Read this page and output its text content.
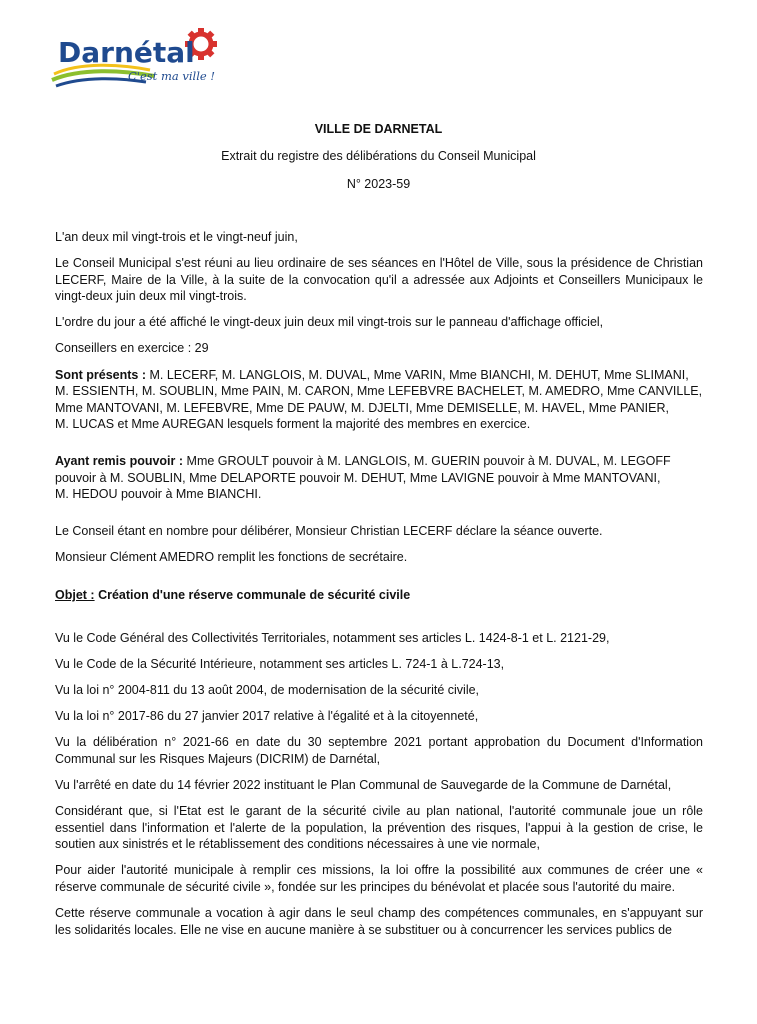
Darnétal
C'est ma ville !
VILLE DE DARNETAL
Extrait du registre des délibérations du Conseil Municipal
N° 2023-59

L'an deux mil vingt-trois et le vingt-neuf juin,

Le Conseil Municipal s'est réuni au lieu ordinaire de ses séances en l'Hôtel de Ville, sous la présidence de Christian LECERF, Maire de la Ville, à la suite de la convocation qu'il a adressée aux Adjoints et Conseillers Municipaux le vingt-deux juin deux mil vingt-trois.

L'ordre du jour a été affiché le vingt-deux juin deux mil vingt-trois sur le panneau d'affichage officiel,

Conseillers en exercice : 29

Sont présents : M. LECERF, M. LANGLOIS, M. DUVAL, Mme VARIN, Mme BIANCHI, M. DEHUT, Mme SLIMANI, M. ESSIENTH, M. SOUBLIN, Mme PAIN, M. CARON, Mme LEFEBVRE BACHELET, M. AMEDRO, Mme CANVILLE, Mme MANTOVANI, M. LEFEBVRE, Mme DE PAUW, M. DJELTI, Mme DEMISELLE, M. HAVEL, Mme PANIER,
M. LUCAS et Mme AUREGAN lesquels forment la majorité des membres en exercice.

Ayant remis pouvoir : Mme GROULT pouvoir à M. LANGLOIS, M. GUERIN pouvoir à M. DUVAL, M. LEGOFF pouvoir à M. SOUBLIN, Mme DELAPORTE pouvoir M. DEHUT, Mme LAVIGNE pouvoir à Mme MANTOVANI,
M. HEDOU pouvoir à Mme BIANCHI.

Le Conseil étant en nombre pour délibérer, Monsieur Christian LECERF déclare la séance ouverte.

Monsieur Clément AMEDRO remplit les fonctions de secrétaire.

Objet : Création d'une réserve communale de sécurité civile

Vu le Code Général des Collectivités Territoriales, notamment ses articles L. 1424-8-1 et L. 2121-29,

Vu le Code de la Sécurité Intérieure, notamment ses articles L. 724-1 à L.724-13,

Vu la loi n° 2004-811 du 13 août 2004, de modernisation de la sécurité civile,

Vu la loi n° 2017-86 du 27 janvier 2017 relative à l'égalité et à la citoyenneté,

Vu la délibération n° 2021-66 en date du 30 septembre 2021 portant approbation du Document d'Information Communal sur les Risques Majeurs (DICRIM) de Darnétal,

Vu l'arrêté en date du 14 février 2022 instituant le Plan Communal de Sauvegarde de la Commune de Darnétal,

Considérant que, si l'Etat est le garant de la sécurité civile au plan national, l'autorité communale joue un rôle essentiel dans l'information et l'alerte de la population, la prévention des risques, l'appui à la gestion de crise, le soutien aux sinistrés et le rétablissement des conditions nécessaires à une vie normale,

Pour aider l'autorité municipale à remplir ces missions, la loi offre la possibilité aux communes de créer une « réserve communale de sécurité civile », fondée sur les principes du bénévolat et placée sous l'autorité du maire.

Cette réserve communale a vocation à agir dans le seul champ des compétences communales, en s'appuyant sur les solidarités locales. Elle ne vise en aucune manière à se substituer ou à concurrencer les services publics de
